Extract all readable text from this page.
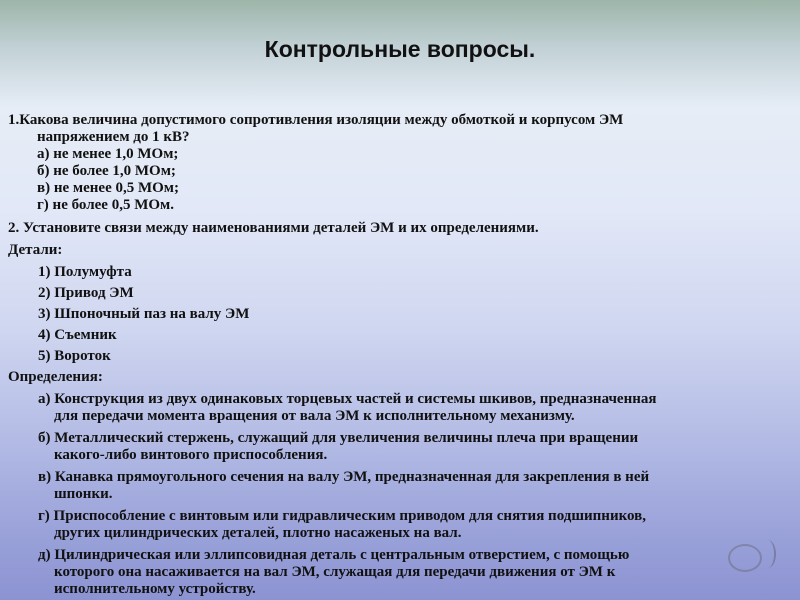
Контрольные вопросы.
1.Какова величина допустимого сопротивления изоляции между обмоткой и корпусом ЭМ
напряжением до 1 кВ?
а) не менее 1,0 МОм;
б) не более 1,0 МОм;
в) не менее 0,5 МОм;
г) не более 0,5 МОм.
2. Установите связи между наименованиями деталей ЭМ и их определениями.
Детали:
1) Полумуфта
2) Привод ЭМ
3) Шпоночный паз на валу ЭМ
4) Съемник
5) Вороток
Определения:
а) Конструкция из двух одинаковых торцевых частей и системы шкивов, предназначенная
для передачи момента вращения от вала ЭМ к исполнительному механизму.
б) Металлический стержень, служащий для увеличения величины плеча при вращении
какого-либо винтового приспособления.
в) Канавка прямоугольного сечения на валу ЭМ, предназначенная для закрепления в ней
шпонки.
г) Приспособление с винтовым или гидравлическим приводом для снятия подшипников,
других цилиндрических деталей, плотно насаженых на вал.
д) Цилиндрическая или эллипсовидная деталь с центральным отверстием, с помощью
которого она насаживается на вал ЭМ, служащая для передачи движения от ЭМ к
исполнительному устройству.
